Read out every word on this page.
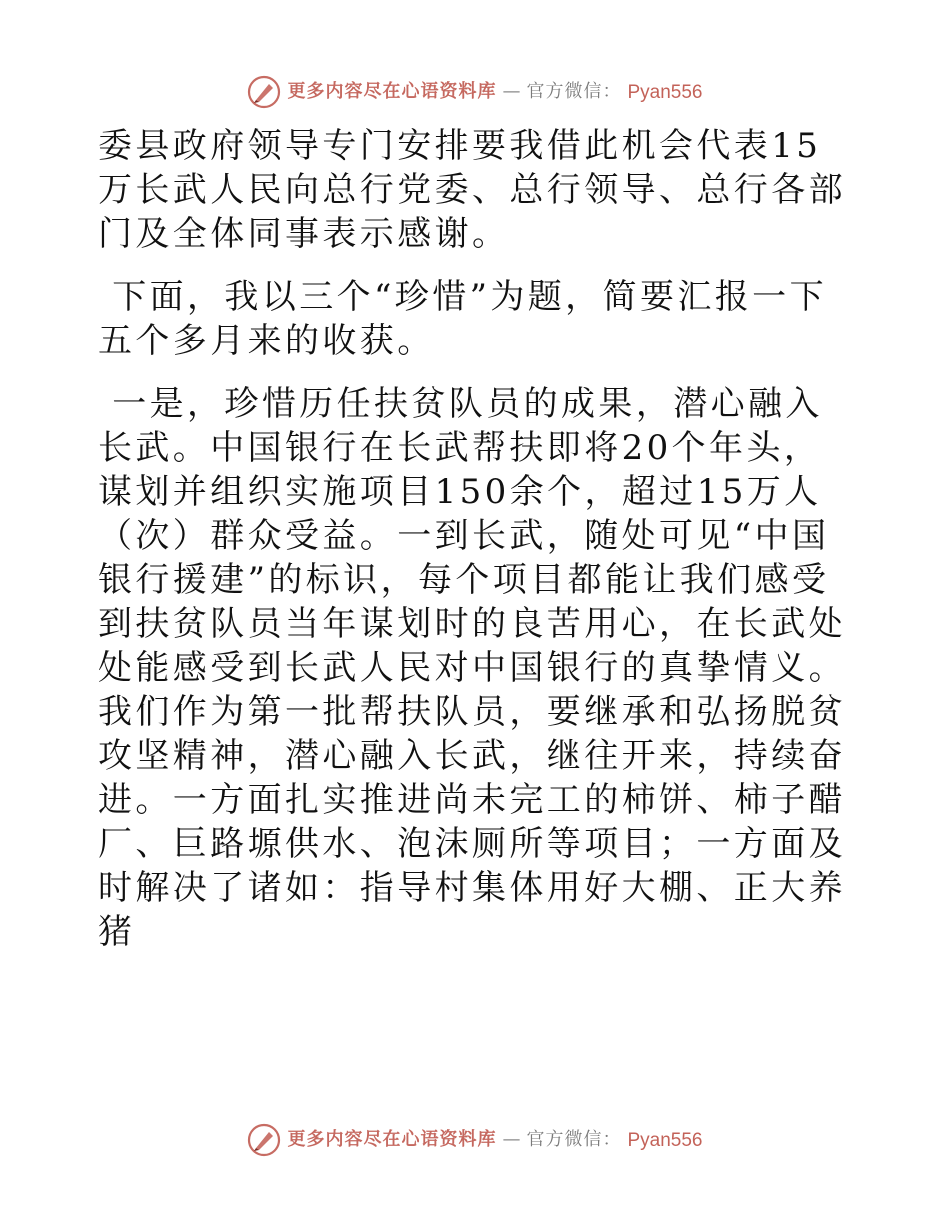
更多内容尽在心语资料库 — 官方微信： Pyan556

委县政府领导专门安排要我借此机会代表15万长武人民向总行党委、总行领导、总行各部门及全体同事表示感谢。

下面，我以三个“珍惜”为题，简要汇报一下五个多月来的收获。

一是，珍惜历任扶贫队员的成果，潜心融入长武。中国银行在长武帮扶即将20个年头，谋划并组织实施项目150余个，超过15万人（次）群众受益。一到长武，随处可见“中国银行援建”的标识，每个项目都能让我们感受到扶贫队员当年谋划时的良苦用心，在长武处处能感受到长武人民对中国银行的真挚情义。我们作为第一批帮扶队员，要继承和弘扬脱贫攻坚精神，潜心融入长武，继往开来，持续奋进。一方面扎实推进尚未完工的柿饼、柿子醋厂、巨路塬供水、泡沫厕所等项目；一方面及时解决了诸如：指导村集体用好大棚、正大养猪

更多内容尽在心语资料库 — 官方微信： Pyan556
